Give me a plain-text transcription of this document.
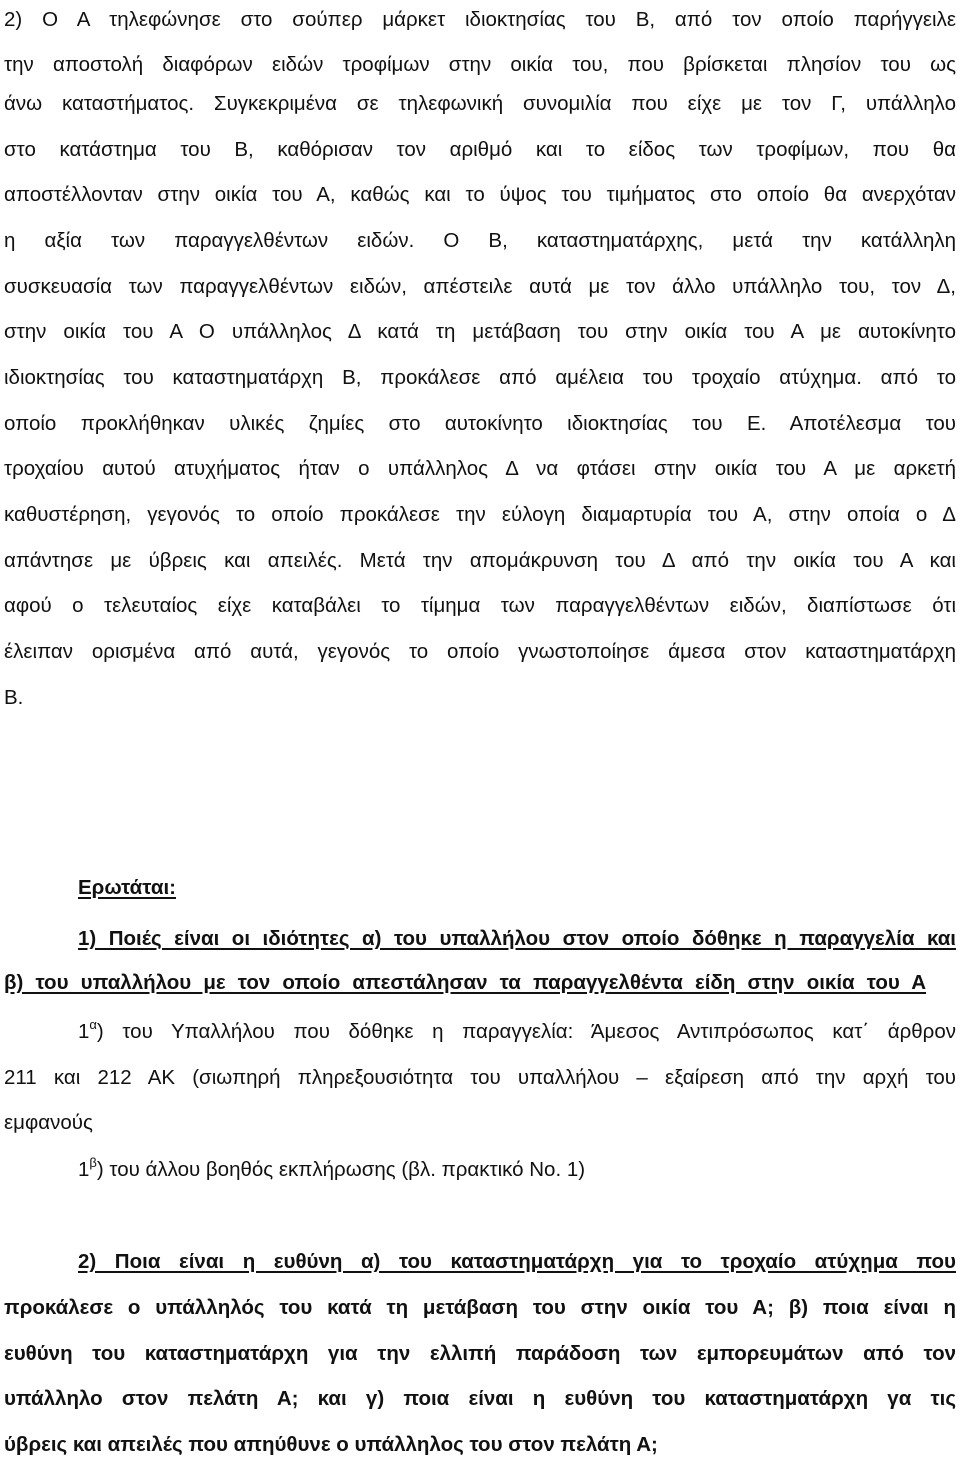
2) Ο Α τηλεφώνησε στο σούπερ μάρκετ ιδιοκτησίας του Β, από τον οποίο παρήγγειλε
την αποστολή διαφόρων ειδών τροφίμων στην οικία του, που βρίσκεται πλησίον του ως
άνω καταστήματος. Συγκεκριμένα σε τηλεφωνική συνομιλία που είχε με τον Γ, υπάλληλο
στο κατάστημα του Β, καθόρισαν τον αριθμό και το είδος των τροφίμων, που θα
αποστέλλονταν στην οικία του Α, καθώς και το ύψος του τιμήματος στο οποίο θα ανερχόταν
η αξία των παραγγελθέντων ειδών. Ο Β, καταστηματάρχης, μετά την κατάλληλη
συσκευασία των παραγγελθέντων ειδών, απέστειλε αυτά με τον άλλο υπάλληλο του, τον Δ,
στην οικία του Α Ο υπάλληλος Δ κατά τη μετάβαση του στην οικία του Α με αυτοκίνητο
ιδιοκτησίας του καταστηματάρχη Β, προκάλεσε από αμέλεια του τροχαίο ατύχημα. από το
οποίο προκλήθηκαν υλικές ζημίες στο αυτοκίνητο ιδιοκτησίας του Ε. Αποτέλεσμα του
τροχαίου αυτού ατυχήματος ήταν ο υπάλληλος Δ να φτάσει στην οικία του Α με αρκετή
καθυστέρηση, γεγονός το οποίο προκάλεσε την εύλογη διαμαρτυρία του Α, στην οποία ο Δ
απάντησε με ύβρεις και απειλές. Μετά την απομάκρυνση του Δ από την οικία του Α και
αφού ο τελευταίος είχε καταβάλει το τίμημα των παραγγελθέντων ειδών, διαπίστωσε ότι
έλειπαν ορισμένα από αυτά, γεγονός το οποίο γνωστοποίησε άμεσα στον καταστηματάρχη
Β.
Ερωτάται:
1) Ποιές είναι οι ιδιότητες α) του υπαλλήλου στον οποίο δόθηκε η παραγγελία και
β) του υπαλλήλου με τον οποίο απεστάλησαν τα παραγγελθέντα είδη στην οικία του Α
$1^\alpha$) του Υπαλλήλου που δόθηκε η παραγγελία: Άμεσος Αντιπρόσωπος κατ΄ άρθρον
211 και 212 ΑΚ (σιωπηρή πληρεξουσιότητα του υπαλλήλου – εξαίρεση από την αρχή του
εμφανούς
$1^\beta$) του άλλου βοηθός εκπλήρωσης (βλ. πρακτικό Νο. 1)
2) Ποια είναι η ευθύνη α) του καταστηματάρχη για το τροχαίο ατύχημα που
προκάλεσε ο υπάλληλός του κατά τη μετάβαση του στην οικία του Α; β) ποια είναι η
ευθύνη του καταστηματάρχη για την ελλιπή παράδοση των εμπορευμάτων από τον
υπάλληλο στον πελάτη Α; και γ) ποια είναι η ευθύνη του καταστηματάρχη γα τις
ύβρεις και απειλές που απηύθυνε ο υπάλληλος του στον πελάτη Α;
